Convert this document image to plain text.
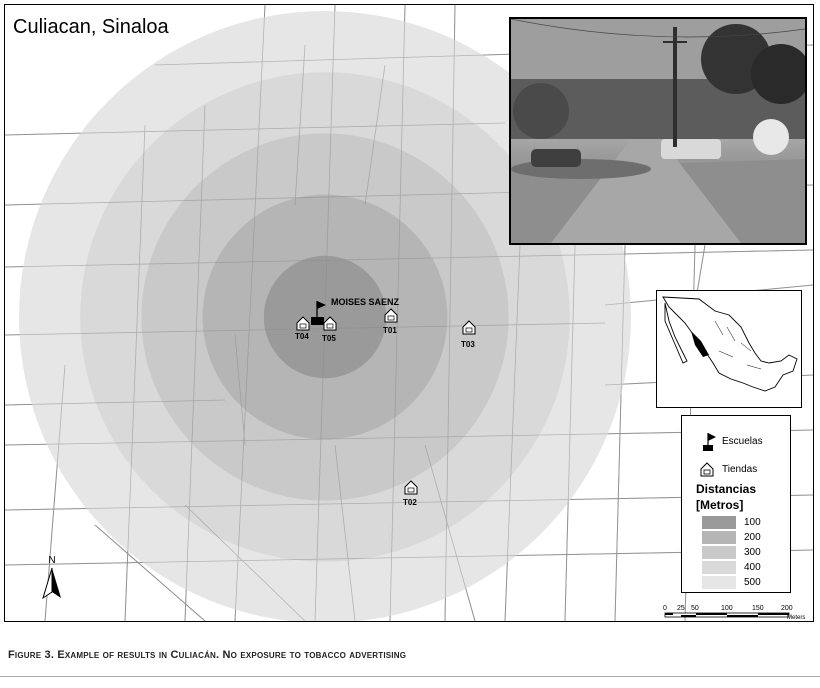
MOISES SAENZ
T04 T05
T01
T03
T02
0 25 50	100	150 200
Meters
Culiacan, Sinaloa
Escuelas
Tiendas
Distancias
[Metros]
100
200
300
400
500
N
Figure 3. Example of results in Culiacán. No exposure to tobacco advertising
